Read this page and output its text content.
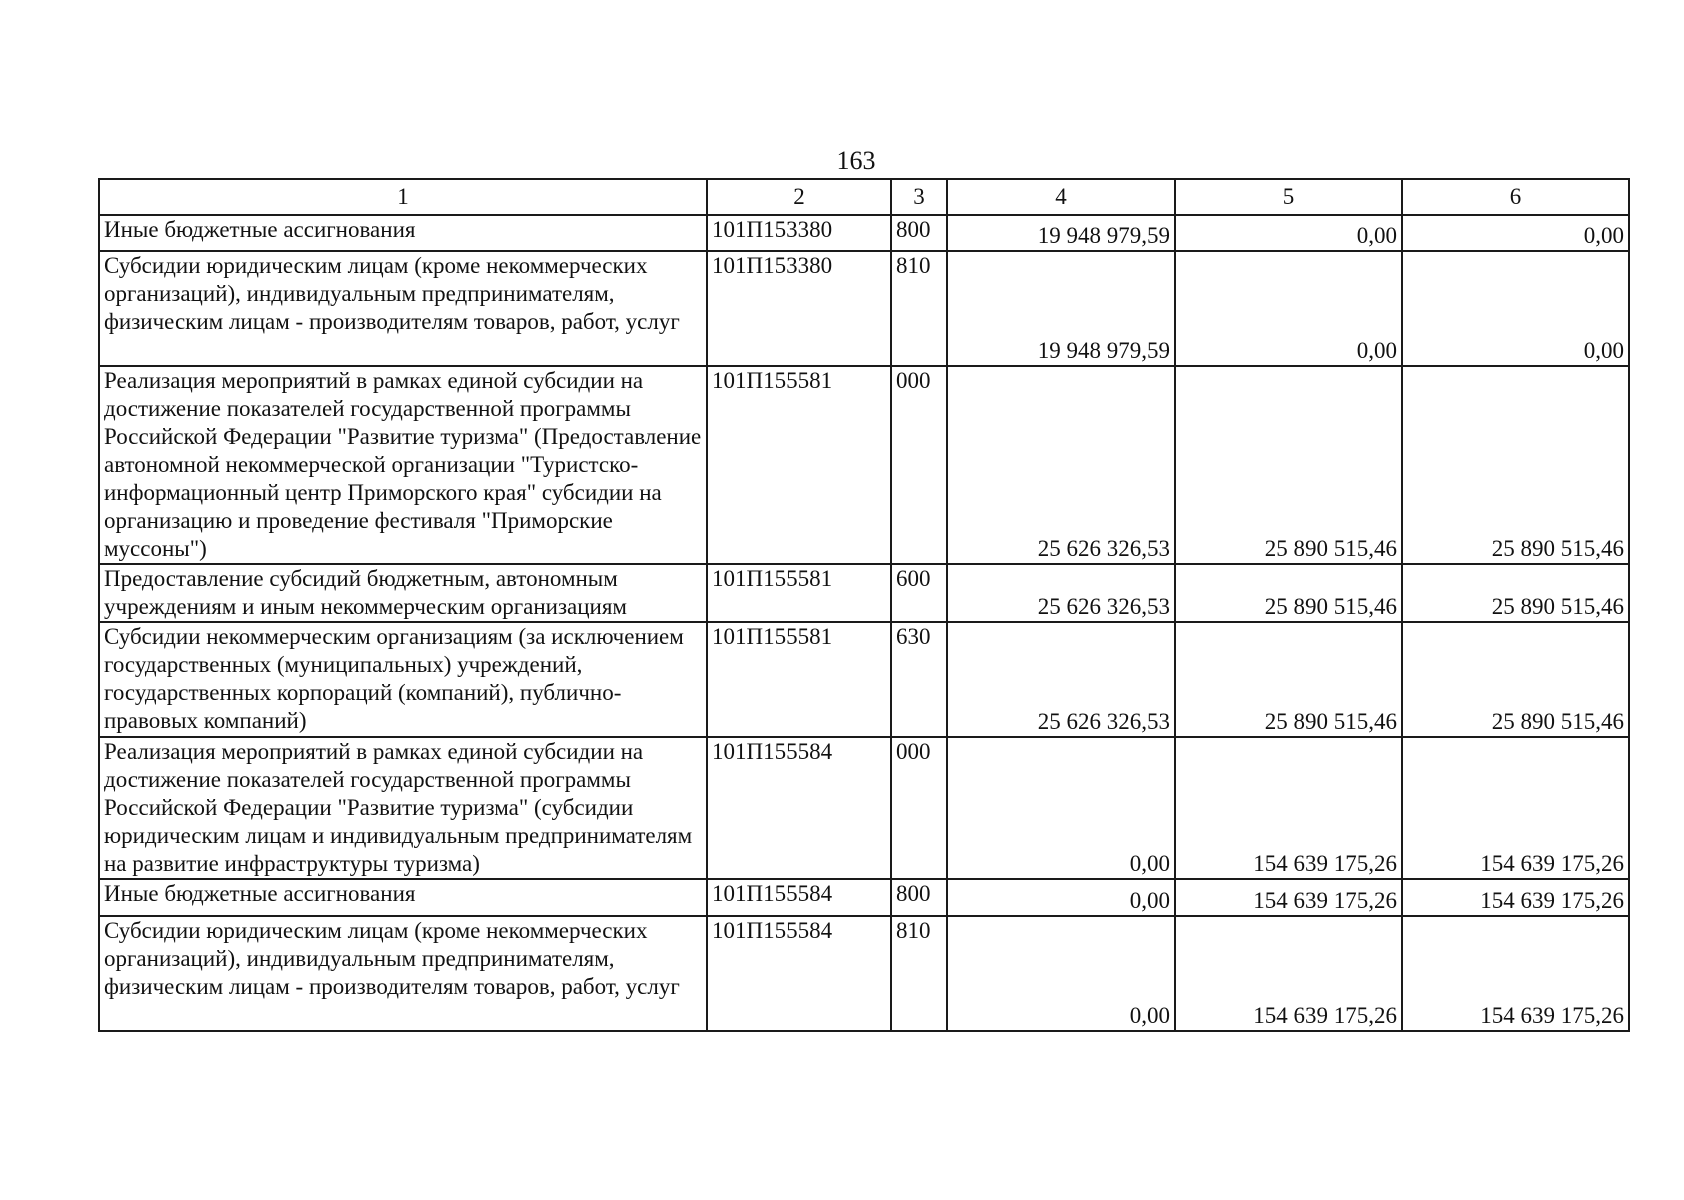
163
1	2	3	4	5	6
Иные бюджетные ассигнования	101П153380	800	19 948 979,59	0,00	0,00
Субсидии юридическим лицам (кроме некоммерческих организаций), индивидуальным предпринимателям, физическим лицам - производителям товаров, работ, услуг	101П153380	810	19 948 979,59	0,00	0,00
Реализация мероприятий в рамках единой субсидии на достижение показателей государственной программы Российской Федерации "Развитие туризма" (Предоставление автономной некоммерческой организации "Туристско-информационный центр Приморского края" субсидии на организацию и проведение фестиваля "Приморские муссоны")	101П155581	000	25 626 326,53	25 890 515,46	25 890 515,46
Предоставление субсидий бюджетным, автономным учреждениям и иным некоммерческим организациям	101П155581	600	25 626 326,53	25 890 515,46	25 890 515,46
Субсидии некоммерческим организациям (за исключением государственных (муниципальных) учреждений, государственных корпораций (компаний), публично-правовых компаний)	101П155581	630	25 626 326,53	25 890 515,46	25 890 515,46
Реализация мероприятий в рамках единой субсидии на достижение показателей государственной программы Российской Федерации "Развитие туризма" (субсидии юридическим лицам и индивидуальным предпринимателям на развитие инфраструктуры туризма)	101П155584	000	0,00	154 639 175,26	154 639 175,26
Иные бюджетные ассигнования	101П155584	800	0,00	154 639 175,26	154 639 175,26
Субсидии юридическим лицам (кроме некоммерческих организаций), индивидуальным предпринимателям, физическим лицам - производителям товаров, работ, услуг	101П155584	810	0,00	154 639 175,26	154 639 175,26
